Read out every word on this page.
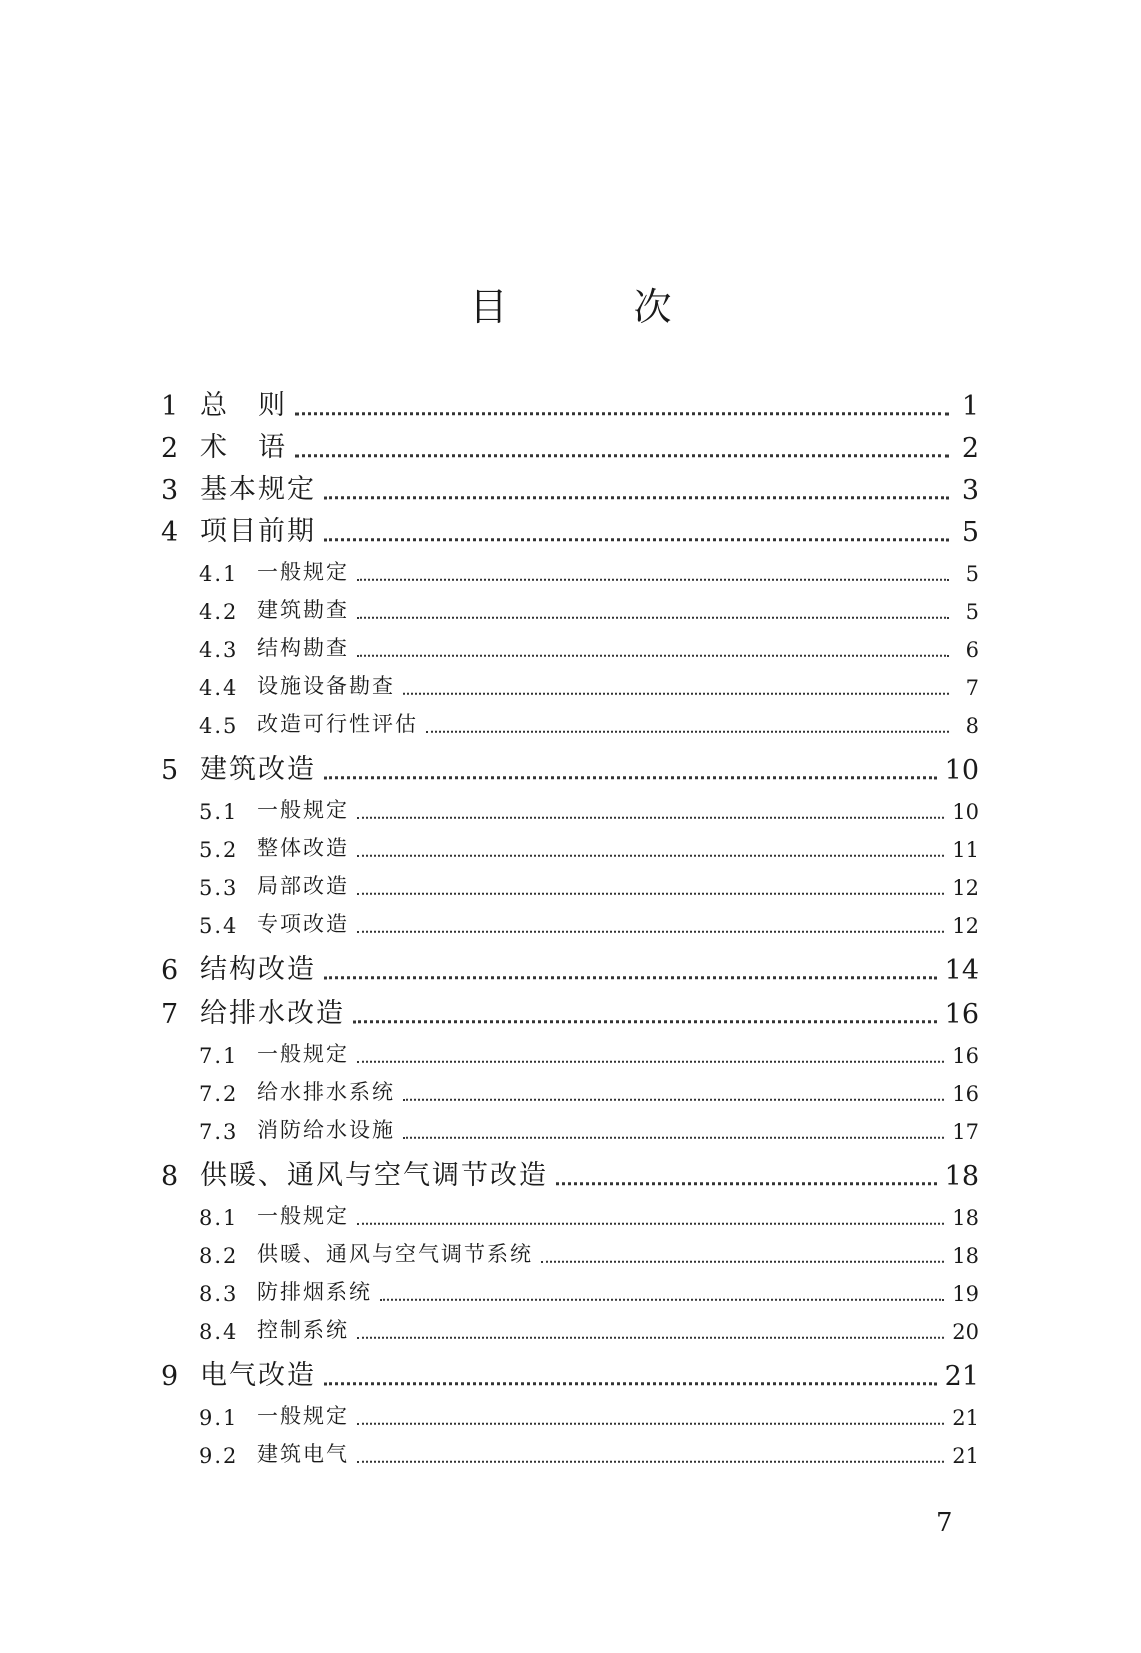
目　次
1 总　则	1
2 术　语	2
3 基本规定	3
4 项目前期	5
4.1 一般规定	5
4.2 建筑勘查	5
4.3 结构勘查	6
4.4 设施设备勘查	7
4.5 改造可行性评估	8
5 建筑改造	10
5.1 一般规定	10
5.2 整体改造	11
5.3 局部改造	12
5.4 专项改造	12
6 结构改造	14
7 给排水改造	16
7.1 一般规定	16
7.2 给水排水系统	16
7.3 消防给水设施	17
8 供暖、通风与空气调节改造	18
8.1 一般规定	18
8.2 供暖、通风与空气调节系统	18
8.3 防排烟系统	19
8.4 控制系统	20
9 电气改造	21
9.1 一般规定	21
9.2 建筑电气	21
7
